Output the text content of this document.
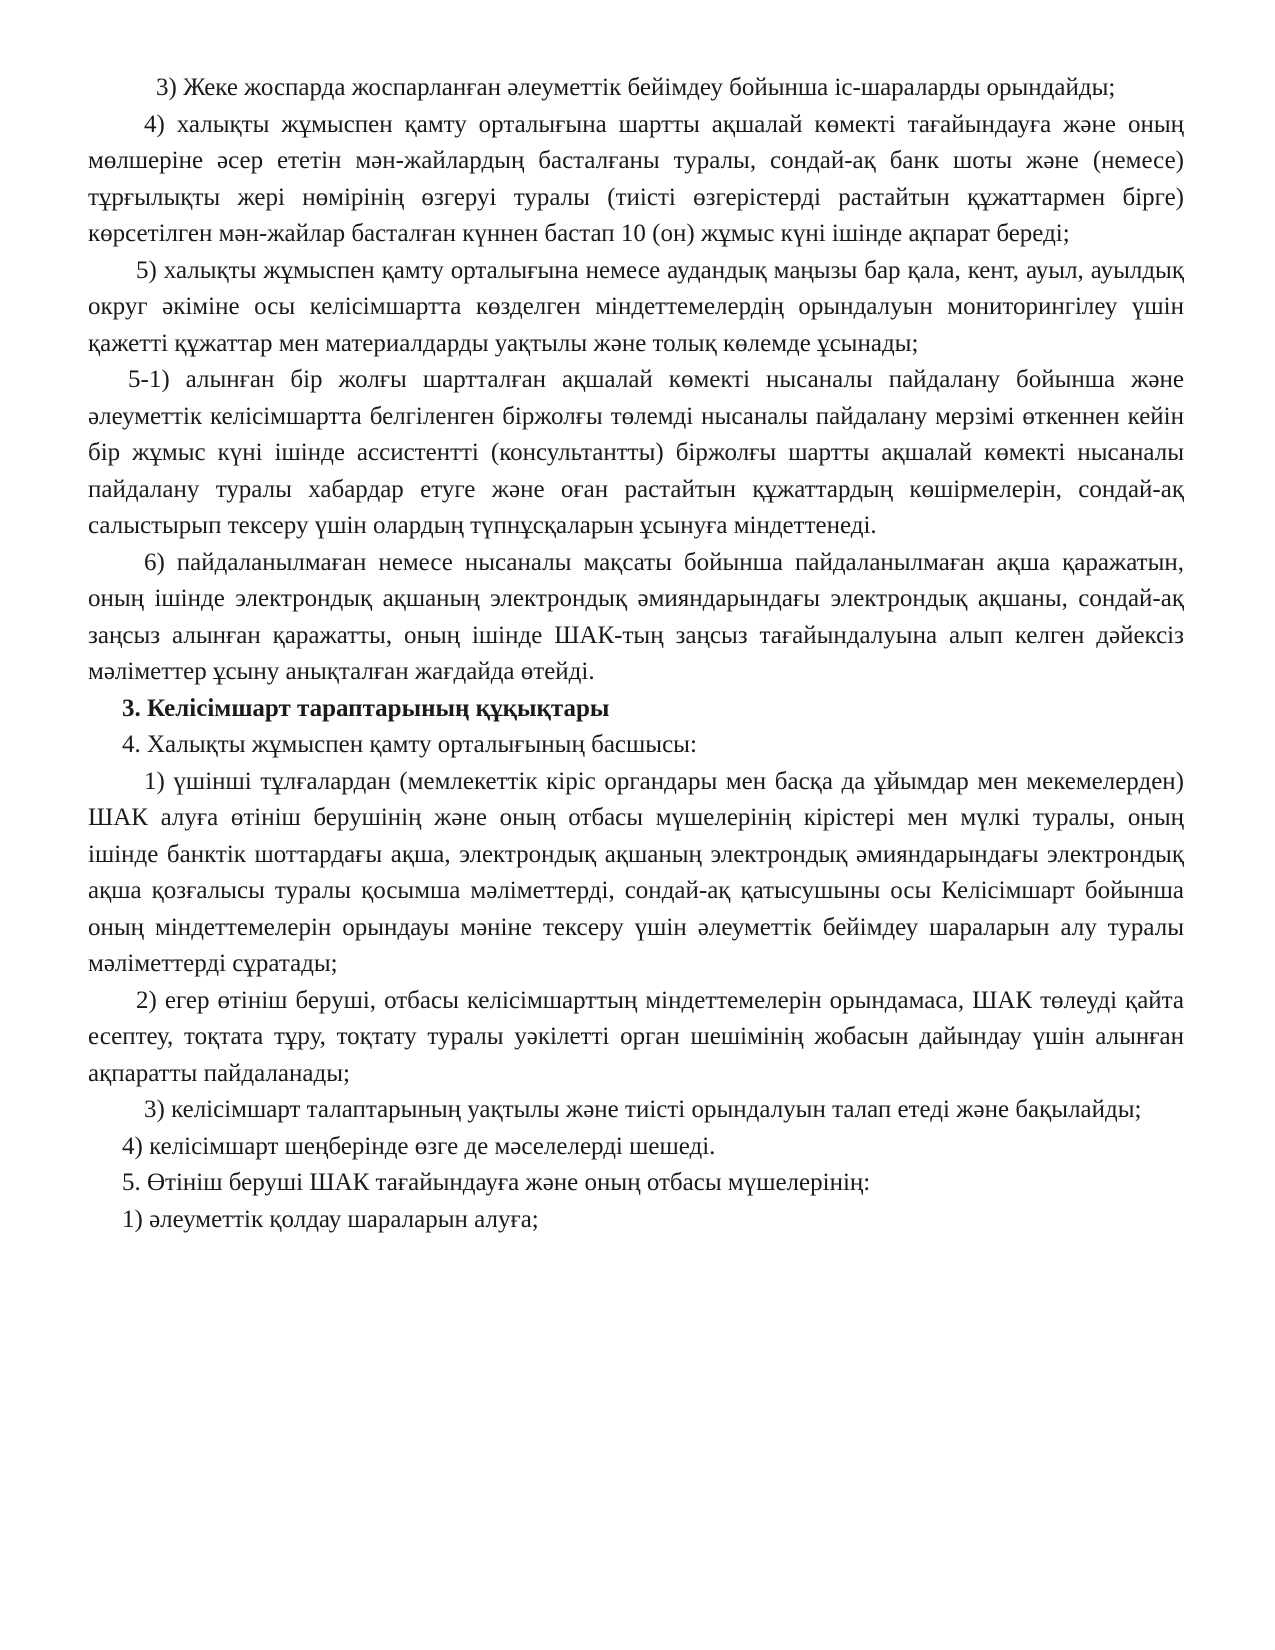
3) Жеке жоспарда жоспарланған әлеуметтік бейімдеу бойынша іс-шараларды орындайды;

4) халықты жұмыспен қамту орталығына шартты ақшалай көмекті тағайындауға және оның мөлшеріне әсер ететін мән-жайлардың басталғаны туралы, сондай-ақ банк шоты және (немесе) тұрғылықты жері нөмірінің өзгеруі туралы (тиісті өзгерістерді растайтын құжаттармен бірге) көрсетілген мән-жайлар басталған күннен бастап 10 (он) жұмыс күні ішінде ақпарат береді;

5) халықты жұмыспен қамту орталығына немесе аудандық маңызы бар қала, кент, ауыл, ауылдық округ әкіміне осы келісімшартта көзделген міндеттемелердің орындалуын мониторингілеу үшін қажетті құжаттар мен материалдарды уақтылы және толық көлемде ұсынады;

5-1) алынған бір жолғы шартталған ақшалай көмекті нысаналы пайдалану бойынша және әлеуметтік келісімшартта белгіленген біржолғы төлемді нысаналы пайдалану мерзімі өткеннен кейін бір жұмыс күні ішінде ассистентті (консультантты) біржолғы шартты ақшалай көмекті нысаналы пайдалану туралы хабардар етуге және оған растайтын құжаттардың көшірмелерін, сондай-ақ салыстырып тексеру үшін олардың түпнұсқаларын ұсынуға міндеттенеді.

6) пайдаланылмаған немесе нысаналы мақсаты бойынша пайдаланылмаған ақша қаражатын, оның ішінде электрондық ақшаның электрондық әмияндарындағы электрондық ақшаны, сондай-ақ заңсыз алынған қаражатты, оның ішінде ШАК-тың заңсыз тағайындалуына алып келген дәйексіз мәліметтер ұсыну анықталған жағдайда өтейді.

3. Келісімшарт тараптарының құқықтары

4. Халықты жұмыспен қамту орталығының басшысы:

1) үшінші тұлғалардан (мемлекеттік кіріс органдары мен басқа да ұйымдар мен мекемелерден) ШАК алуға өтініш берушінің және оның отбасы мүшелерінің кірістері мен мүлкі туралы, оның ішінде банктік шоттардағы ақша, электрондық ақшаның электрондық әмияндарындағы электрондық ақша қозғалысы туралы қосымша мәліметтерді, сондай-ақ қатысушыны осы Келісімшарт бойынша оның міндеттемелерін орындауы мәніне тексеру үшін әлеуметтік бейімдеу шараларын алу туралы мәліметтерді сұратады;

2) егер өтініш беруші, отбасы келісімшарттың міндеттемелерін орындамаса, ШАК төлеуді қайта есептеу, тоқтата тұру, тоқтату туралы уәкілетті орган шешімінің жобасын дайындау үшін алынған ақпаратты пайдаланады;

3) келісімшарт талаптарының уақтылы және тиісті орындалуын талап етеді және бақылайды;

4) келісімшарт шеңберінде өзге де мәселелерді шешеді.

5. Өтініш беруші ШАК тағайындауға және оның отбасы мүшелерінің:

1) әлеуметтік қолдау шараларын алуға;
